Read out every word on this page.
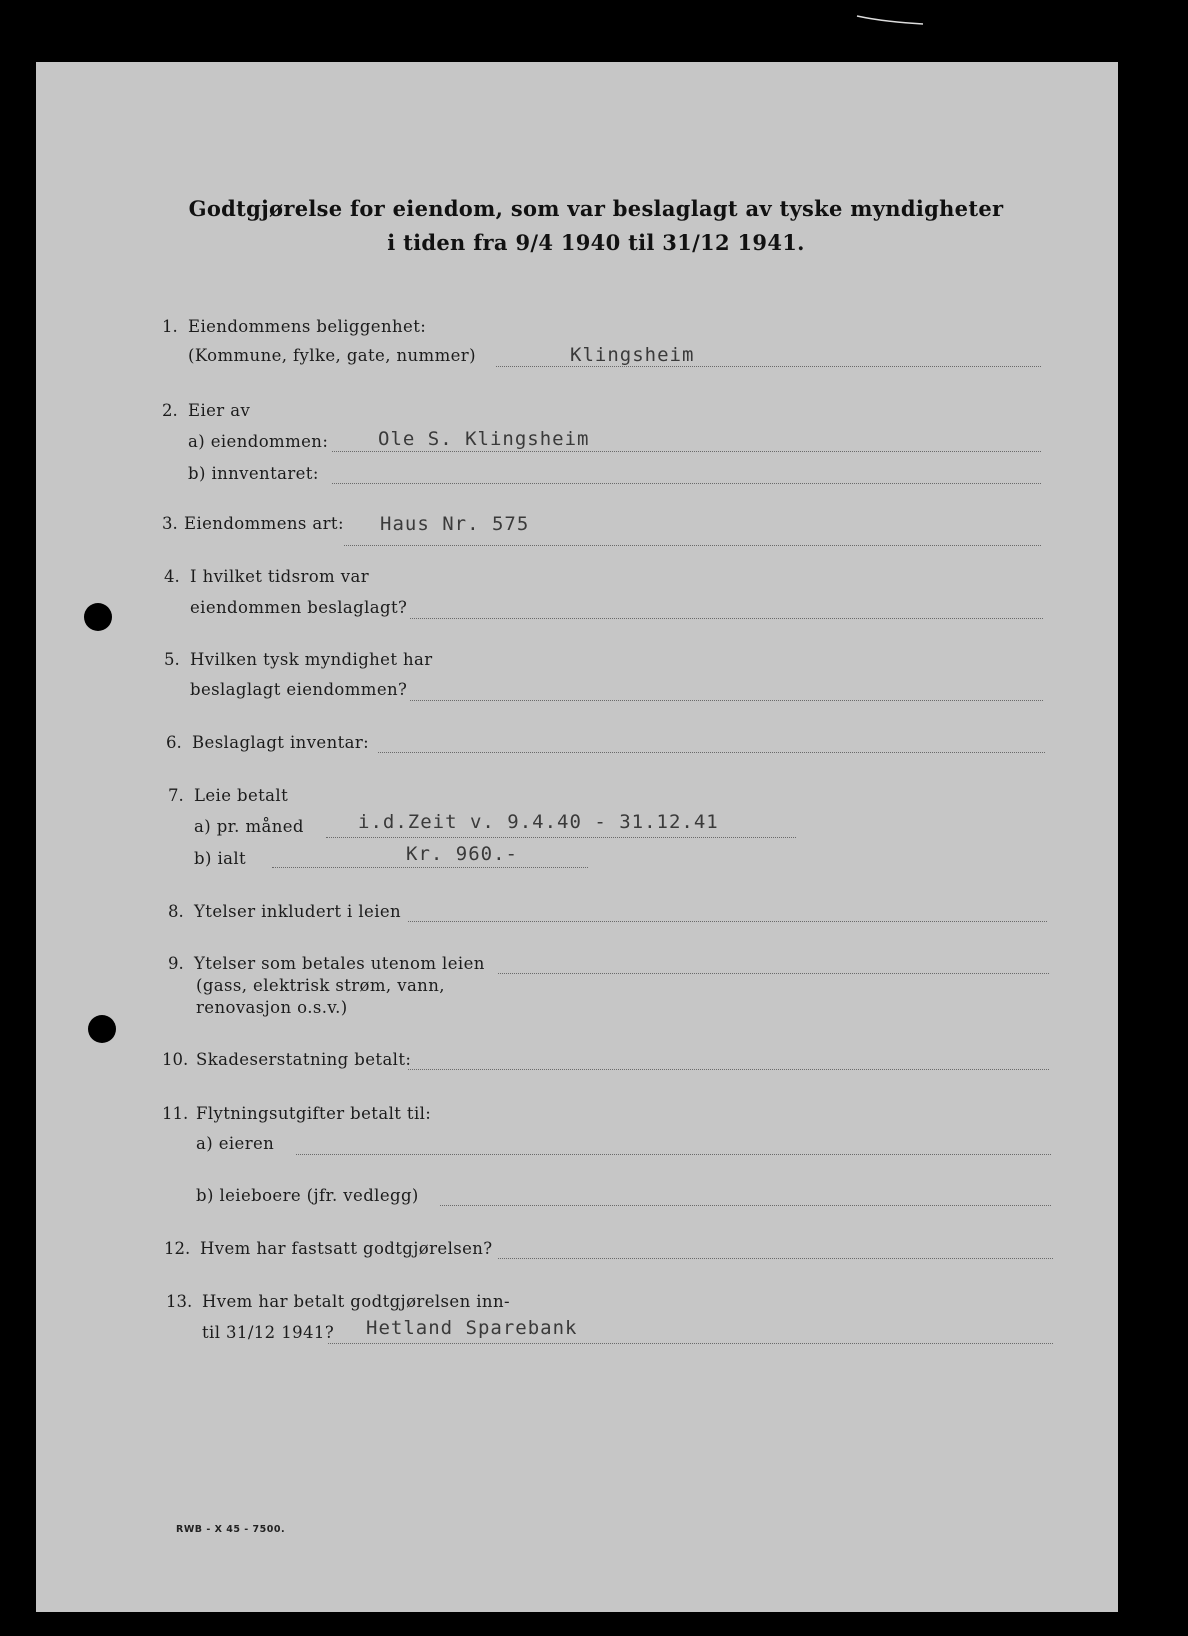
Godtgjørelse for eiendom, som var beslaglagt av tyske myndigheter
i tiden fra 9/4 1940 til 31/12 1941.
1. Eiendommens beliggenhet:
(Kommune, fylke, gate, nummer)	Klingsheim
2. Eier av
a) eiendommen:	Ole S. Klingsheim
b) innventaret:
3. Eiendommens art: Haus Nr. 575
4. I hvilket tidsrom var
eiendommen beslaglagt?
5. Hvilken tysk myndighet har
beslaglagt eiendommen?
6. Beslaglagt inventar:
7. Leie betalt
a) pr. måned	i.d.Zeit v. 9.4.40 - 31.12.41
b) ialt	Kr. 960.-
8. Ytelser inkludert i leien
9. Ytelser som betales utenom leien
(gass, elektrisk strøm, vann,
renovasjon o.s.v.)
10. Skadeserstatning betalt:
11. Flytningsutgifter betalt til:
a) eieren
b) leieboere (jfr. vedlegg)
12. Hvem har fastsatt godtgjørelsen?
13. Hvem har betalt godtgjørelsen inn-
til 31/12 1941? Hetland Sparebank
RWB - X 45 - 7500.
